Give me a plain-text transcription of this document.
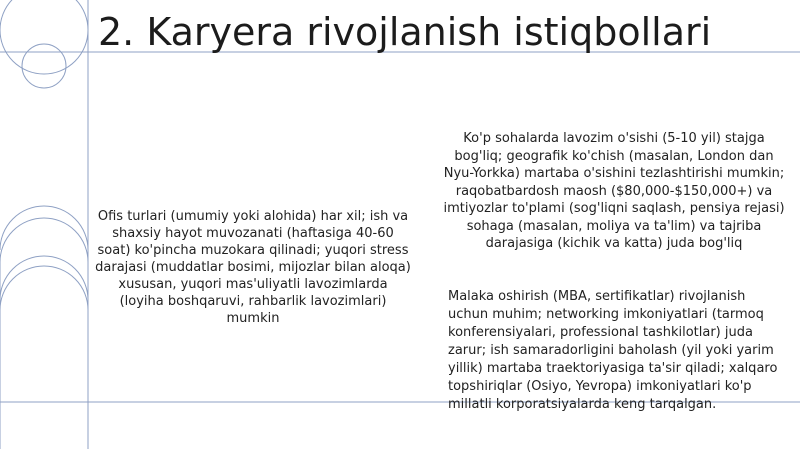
2. Karyera rivojlanish istiqbollari
Ofis turlari (umumiy yoki alohida) har xil; ish va shaxsiy hayot muvozanati (haftasiga 40-60 soat) ko'pincha muzokara qilinadi; yuqori stress darajasi (muddatlar bosimi, mijozlar bilan aloqa) xususan, yuqori mas'uliyatli lavozimlarda (loyiha boshqaruvi, rahbarlik lavozimlari) mumkin
Ko'p sohalarda lavozim o'sishi (5-10 yil) stajga bog'liq; geografik ko'chish (masalan, London dan Nyu-Yorkka) martaba o'sishini tezlashtirishi mumkin; raqobatbardosh maosh ($80,000-$150,000+) va imtiyozlar to'plami (sog'liqni saqlash, pensiya rejasi) sohaga (masalan, moliya va ta'lim) va tajriba darajasiga (kichik va katta) juda bog'liq
Malaka oshirish (MBA, sertifikatlar) rivojlanish uchun muhim; networking imkoniyatlari (tarmoq konferensiyalari, professional tashkilotlar) juda zarur; ish samaradorligini baholash (yil yoki yarim yillik) martaba traektoriyasiga ta'sir qiladi; xalqaro topshiriqlar (Osiyo, Yevropa) imkoniyatlari ko'p millatli korporatsiyalarda keng tarqalgan.
